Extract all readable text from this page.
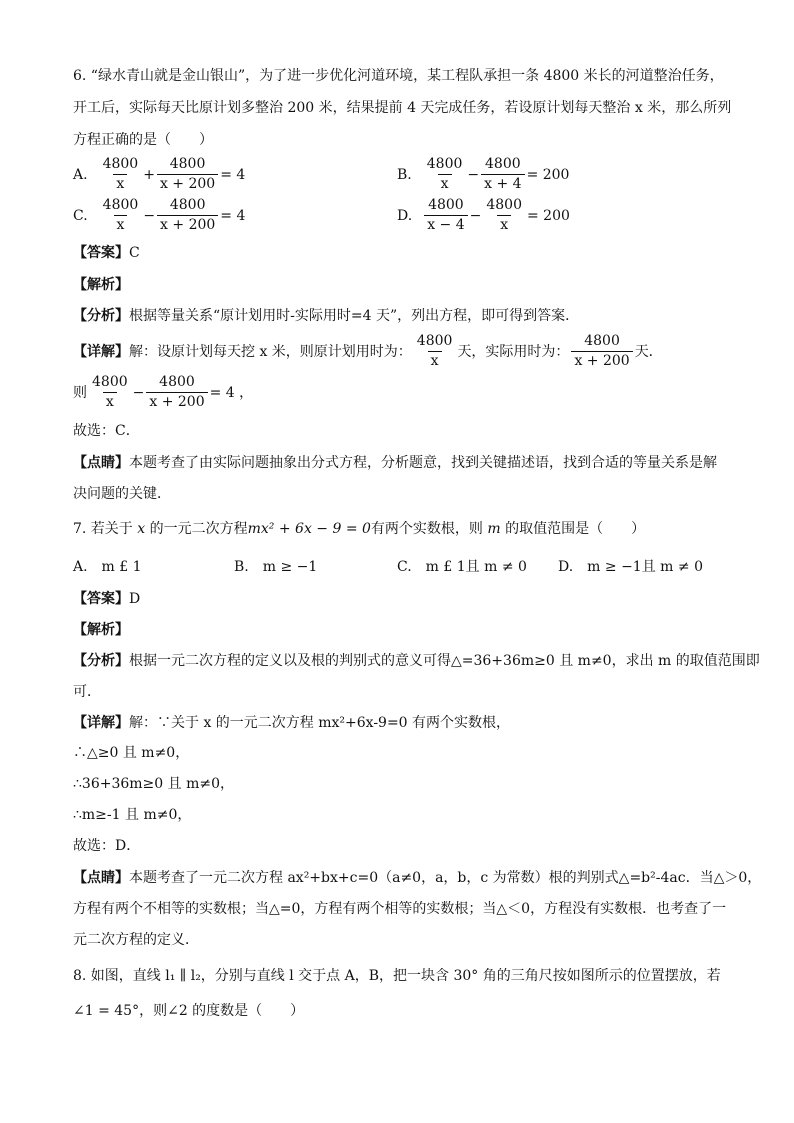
6. “绿水青山就是金山银山”，为了进一步优化河道环境，某工程队承担一条 4800 米长的河道整治任务，
开工后，实际每天比原计划多整治 200 米，结果提前 4 天完成任务，若设原计划每天整治 x 米，那么所列
方程正确的是（　　）
A. $\frac{4800}{x} + \frac{4800}{x + 200} = 4$	B. $\frac{4800}{x} - \frac{4800}{x + 4} = 200$
C. $\frac{4800}{x} - \frac{4800}{x + 200} = 4$	D. $\frac{4800}{x - 4} - \frac{4800}{x} = 200$
【答案】C
【解析】
【分析】根据等量关系“原计划用时-实际用时=4 天”，列出方程，即可得到答案．
【详解】 解：设原计划每天挖 x 米，则原计划用时为： $\frac{4800}{x}$ 天，实际用时为： $\frac{4800}{x + 200}$ 天．
则 $\frac{4800}{x} - \frac{4800}{x + 200} = 4$ ，
故选：C．
【点睛】本题考查了由实际问题抽象出分式方程，分析题意，找到关键描述语，找到合适的等量关系是解
决问题的关键．
7. 若关于 x 的一元二次方程mx² + 6x − 9 = 0有两个实数根，则 m 的取值范围是（　　）
A.　m £ 1	B.　m ≥ −1	C.　m £ 1且 m ≠ 0 D.　m ≥ −1且 m ≠ 0
【答案】D
【解析】
【分析】根据一元二次方程的定义以及根的判别式的意义可得△=36+36m≥0 且 m≠0，求出 m 的取值范围即
可．
【详解】解：∵关于 x 的一元二次方程 mx²+6x-9=0 有两个实数根，
∴△≥0 且 m≠0，
∴36+36m≥0 且 m≠0，
∴m≥-1 且 m≠0，
故选：D．
【点睛】本题考查了一元二次方程 ax²+bx+c=0（a≠0，a，b，c 为常数）根的判别式△=b²-4ac．当△＞0，
方程有两个不相等的实数根；当△=0，方程有两个相等的实数根；当△＜0，方程没有实数根．也考查了一
元二次方程的定义．
8. 如图，直线 l₁ ∥ l₂，分别与直线 l 交于点 A，B，把一块含 30° 角的三角尺按如图所示的位置摆放，若
∠1 = 45°，则∠2 的度数是（　　）
